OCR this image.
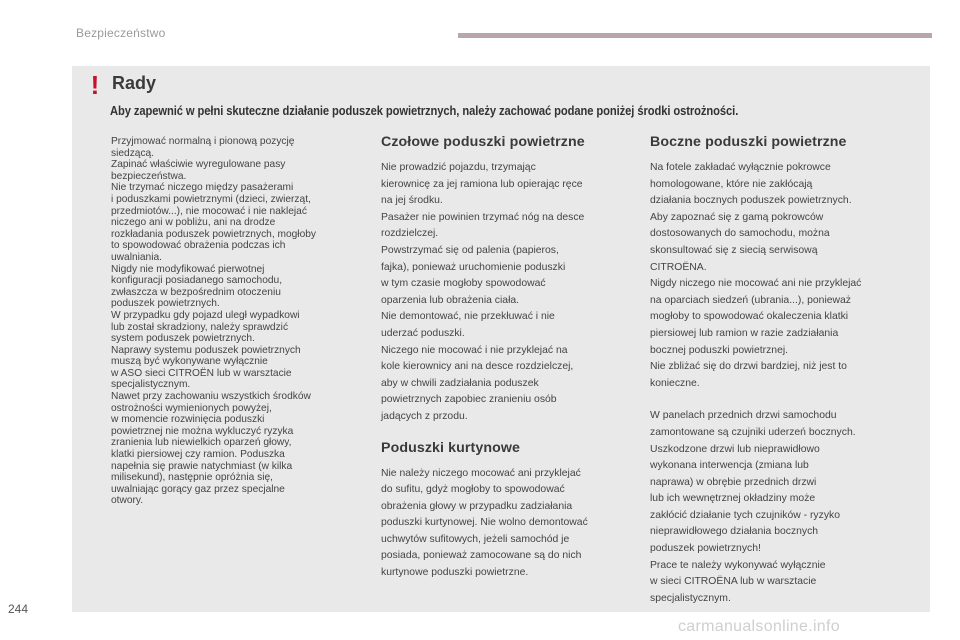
Bezpieczeństwo
! Rady
Aby zapewnić w pełni skuteczne działanie poduszek powietrznych, należy zachować podane poniżej środki ostrożności.

Przyjmować normalną i pionową pozycję
siedzącą.
Zapinać właściwie wyregulowane pasy
bezpieczeństwa.
Nie trzymać niczego między pasażerami
i poduszkami powietrznymi (dzieci, zwierząt,
przedmiotów...), nie mocować i nie naklejać
niczego ani w pobliżu, ani na drodze
rozkładania poduszek powietrznych, mogłoby
to spowodować obrażenia podczas ich
uwalniania.
Nigdy nie modyfikować pierwotnej
konfiguracji posiadanego samochodu,
zwłaszcza w bezpośrednim otoczeniu
poduszek powietrznych.
W przypadku gdy pojazd uległ wypadkowi
lub został skradziony, należy sprawdzić
system poduszek powietrznych.
Naprawy systemu poduszek powietrznych
muszą być wykonywane wyłącznie
w ASO sieci CITROËN lub w warsztacie
specjalistycznym.
Nawet przy zachowaniu wszystkich środków
ostrożności wymienionych powyżej,
w momencie rozwinięcia poduszki
powietrznej nie można wykluczyć ryzyka
zranienia lub niewielkich oparzeń głowy,
klatki piersiowej czy ramion. Poduszka
napełnia się prawie natychmiast (w kilka
milisekund), następnie opróżnia się,
uwalniając gorący gaz przez specjalne
otwory.

Czołowe poduszki powietrzne

Nie prowadzić pojazdu, trzymając
kierownicę za jej ramiona lub opierając ręce
na jej środku.
Pasażer nie powinien trzymać nóg na desce
rozdzielczej.
Powstrzymać się od palenia (papieros,
fajka), ponieważ uruchomienie poduszki
w tym czasie mogłoby spowodować
oparzenia lub obrażenia ciała.
Nie demontować, nie przekłuwać i nie
uderzać poduszki.
Niczego nie mocować i nie przyklejać na
kole kierownicy ani na desce rozdzielczej,
aby w chwili zadziałania poduszek
powietrznych zapobiec zranieniu osób
jadących z przodu.

Poduszki kurtynowe

Nie należy niczego mocować ani przyklejać
do sufitu, gdyż mogłoby to spowodować
obrażenia głowy w przypadku zadziałania
poduszki kurtynowej. Nie wolno demontować
uchwytów sufitowych, jeżeli samochód je
posiada, ponieważ zamocowane są do nich
kurtynowe poduszki powietrzne.

Boczne poduszki powietrzne

Na fotele zakładać wyłącznie pokrowce
homologowane, które nie zakłócają
działania bocznych poduszek powietrznych.
Aby zapoznać się z gamą pokrowców
dostosowanych do samochodu, można
skonsultować się z siecią serwisową
CITROËNA.
Nigdy niczego nie mocować ani nie przyklejać
na oparciach siedzeń (ubrania...), ponieważ
mogłoby to spowodować okaleczenia klatki
piersiowej lub ramion w razie zadziałania
bocznej poduszki powietrznej.
Nie zbliżać się do drzwi bardziej, niż jest to
konieczne.

W panelach przednich drzwi samochodu
zamontowane są czujniki uderzeń bocznych.
Uszkodzone drzwi lub nieprawidłowo
wykonana interwencja (zmiana lub
naprawa) w obrębie przednich drzwi
lub ich wewnętrznej okładziny może
zakłócić działanie tych czujników - ryzyko
nieprawidłowego działania bocznych
poduszek powietrznych!
Prace te należy wykonywać wyłącznie
w sieci CITROËNA lub w warsztacie
specjalistycznym.

244
carmanualsonline.info
